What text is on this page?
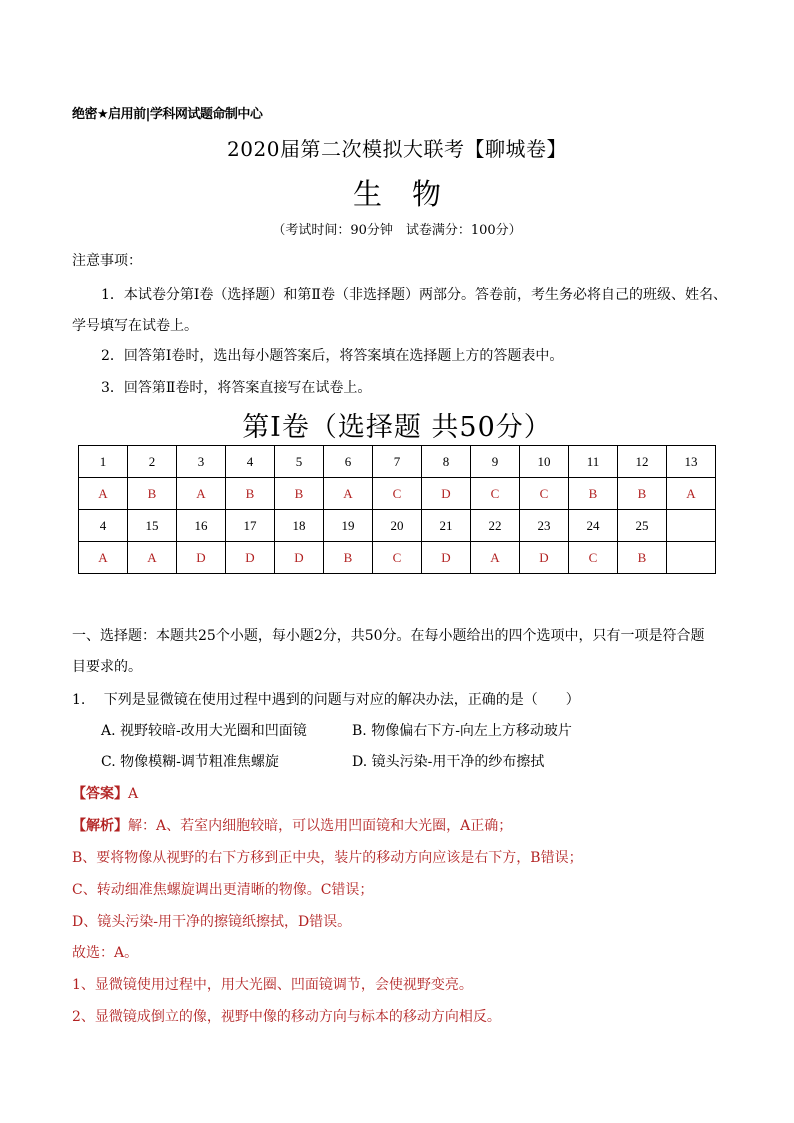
绝密★启用前|学科网试题命制中心
2020届第二次模拟大联考【聊城卷】
生物
（考试时间：90分钟　试卷满分：100分）
注意事项：
1．本试卷分第Ⅰ卷（选择题）和第Ⅱ卷（非选择题）两部分。答卷前，考生务必将自己的班级、姓名、
学号填写在试卷上。
2．回答第Ⅰ卷时，选出每小题答案后，将答案填在选择题上方的答题表中。
3．回答第Ⅱ卷时，将答案直接写在试卷上。
第Ⅰ卷（选择题 共50分）
1	2	3	4	5	6	7	8	9	10	11	12	13
A	B	A	B	B	A	C	D	C	C	B	B	A
4	15	16	17	18	19	20	21	22	23	24	25	
A	A	D	D	D	B	C	D	A	D	C	B	
一、选择题：本题共25个小题，每小题2分，共50分。在每小题给出的四个选项中，只有一项是符合题
目要求的。
1.　 下列是显微镜在使用过程中遇到的问题与对应的解决办法，正确的是（　　）
A. 视野较暗-改用大光圈和凹面镜	B. 物像偏右下方-向左上方移动玻片
C. 物像模糊-调节粗准焦螺旋	D. 镜头污染-用干净的纱布擦拭
【答案】A
【解析】解：A、若室内细胞较暗，可以选用凹面镜和大光圈，A正确；
B、要将物像从视野的右下方移到正中央，装片的移动方向应该是右下方，B错误；
C、转动细准焦螺旋调出更清晰的物像。C错误；
D、镜头污染-用干净的擦镜纸擦拭，D错误。
故选：A。
1、显微镜使用过程中，用大光圈、凹面镜调节，会使视野变亮。
2、显微镜成倒立的像，视野中像的移动方向与标本的移动方向相反。
